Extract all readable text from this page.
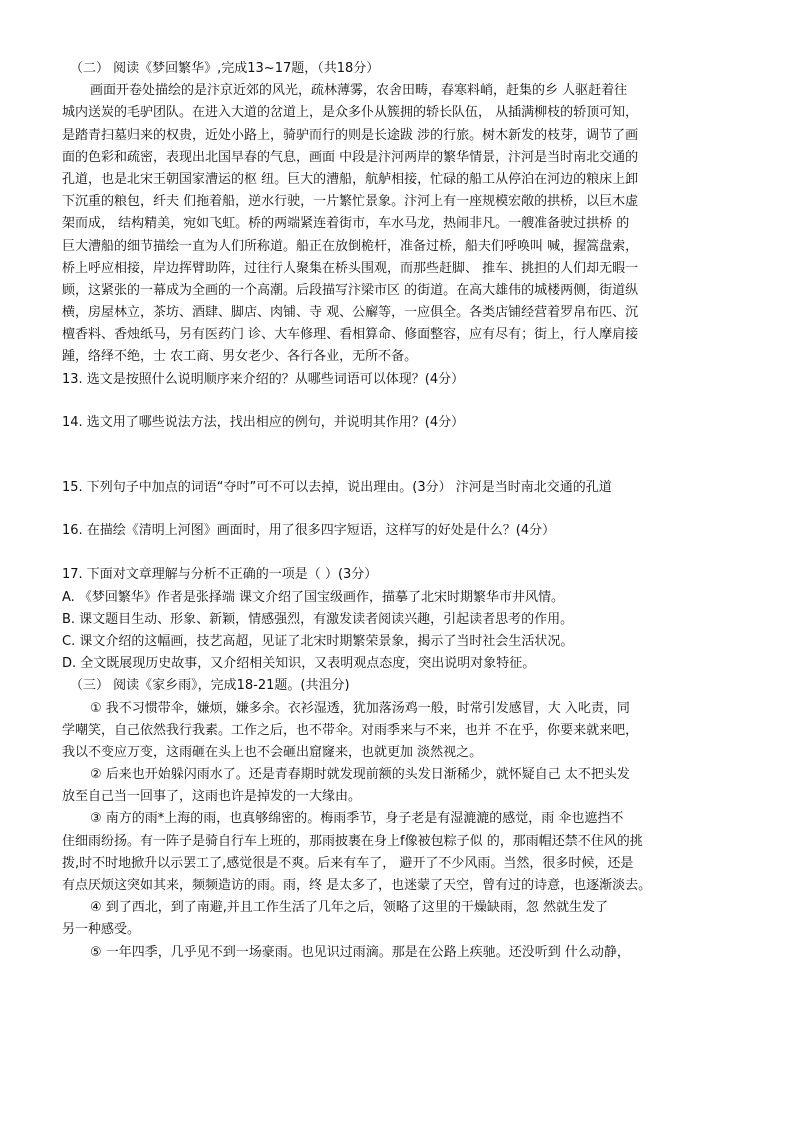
（二） 阅读《梦回繁华》,完成13~17题，（共18分）
画面开卷处描绘的是汴京近郊的风光，疏林薄雾，农舍田畴，春寒料峭，赶集的乡 人驱赶着往
城内送炭的毛驴团队。在进入大道的岔道上，是众多仆从簇拥的轿长队伍， 从插满柳枝的轿顶可知，
是踏青扫墓归来的权贵，近处小路上，骑驴而行的则是长途跋 涉的行旅。树木新发的枝芽，调节了画
面的色彩和疏密，表现出北国早春的气息，画面 中段是汴河两岸的繁华情景，汴河是当时南北交通的
孔道，也是北宋王朝国家漕运的枢 纽。巨大的漕船，航舻相接，忙碌的船工从停泊在河边的粮床上卸
下沉重的粮包，纤夫 们拖着船，逆水行驶，一片繁忙景象。汴河上有一座规模宏敞的拱桥，以巨木虚
架而成， 结构精美，宛如飞虹。桥的两端紧连着街市，车水马龙，热闹非凡。一艘准备驶过拱桥 的
巨大漕船的细节描绘一直为人们所称道。船正在放倒桅杆，准备过桥，船夫们呼唤叫 喊，握篙盘索，
桥上呼应相接，岸边挥臂助阵，过往行人聚集在桥头围观，而那些赶脚、 推车、挑担的人们却无暇一
顾，这紧张的一幕成为全画的一个高潮。后段描写汴梁市区 的街道。在高大雄伟的城楼两侧，街道纵
横，房屋林立，茶坊、酒肆、脚店、肉铺、寺 观、公廨等，一应俱全。各类店铺经营着罗帛布匹、沉
檀香料、香烛纸马，另有医药门 诊、大车修理、看相算命、修面整容，应有尽有；街上，行人摩肩接
踵，络绎不绝，士 农工商、男女老少、各行各业，无所不备。
13. 选文是按照什么说明顺序来介绍的？从哪些词语可以体现？(4分）
14. 选文用了哪些说法方法，找出相应的例句，并说明其作用？(4分）
15. 下列句子中加点的词语“夺吋”可不可以去掉，说出理由。(3分） 汴河是当时南北交通的孔道
16. 在描绘《清明上河图》画面时，用了很多四字短语，这样写的好处是什么？(4分）
17. 下面对文章理解与分析不正确的一项是（ ）(3分）
A. 《梦回繁华》作者是张择端 课文介绍了国宝级画作，描摹了北宋时期繁华市井风情。
B. 课文题目生动、形象、新颖，情感强烈，有激发读者阅读兴趣，引起读者思考的作用。
C. 课文介绍的这幅画，技艺高超，见证了北宋时期繁荣景象，揭示了当时社会生活状况。
D. 全文既展现历史故事，又介绍相关知识，又表明观点态度，突出说明对象特征。
（三） 阅读《家乡雨》，完成18-21题。(共沮分)
① 我不习惯带伞，嫌烦，嫌多余。衣衫湿透，犹加落汤鸡一般，时常引发感冒，大 入叱责，同
学嘲笑，自己依然我行我素。工作之后，也不带伞。对雨季来与不来，也并 不在乎，你要来就来吧，
我以不变应万变，这雨砸在头上也不会砸出窟窿来，也就更加 淡然视之。
② 后来也开始躲闪雨水了。还是青春期时就发现前额的头发日渐稀少，就怀疑自己 太不把头发
放至自己当一回事了，这雨也许是掉发的一大缘由。
③ 南方的雨*上海的雨，也真够绵密的。梅雨季节，身子老是有湿漉漉的感觉，雨 伞也遮挡不
住细雨纷扬。有一阵子是骑自行车上班的，那雨披裹在身上f像被包粽子似 的，那雨帽还禁不住风的挑
拨,时不时地掀升以示罢工了,感觉很是不爽。后来有车了， 避开了不少风雨。当然，很多时候，还是
有点厌烦这突如其来，频频造访的雨。雨，终 是太多了，也迷蒙了天空，曾有过的诗意，也逐渐淡去。
④ 到了西北，到了南避,并且工作生活了几年之后，领略了这里的干燥缺雨，忽 然就生发了
另一种感受。
⑤ 一年四季，几乎见不到一场豪雨。也见识过雨滴。那是在公路上疾驰。还没听到 什么动静，
